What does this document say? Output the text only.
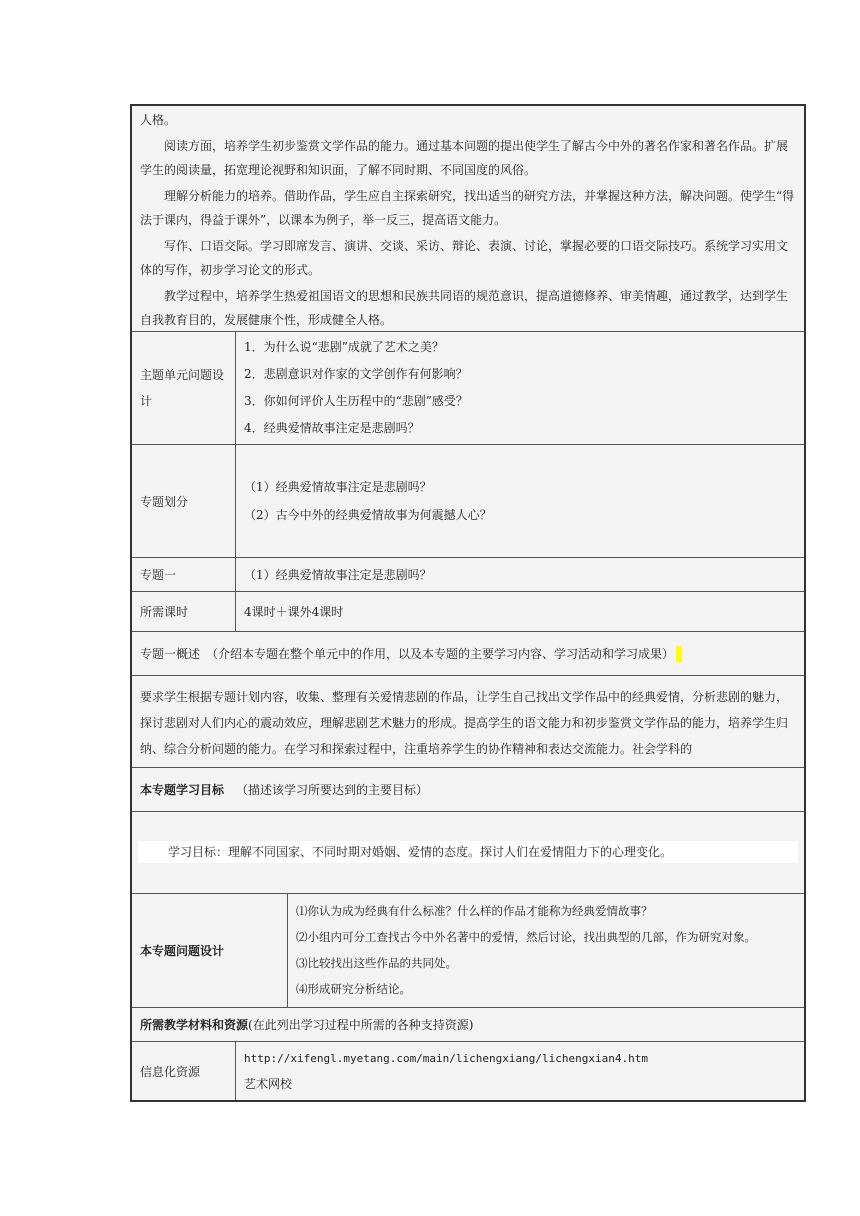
人格。

阅读方面，培养学生初步鉴赏文学作品的能力。通过基本问题的提出使学生了解古今中外的著名作家和著名作品。扩展学生的阅读量，拓宽理论视野和知识面，了解不同时期、不同国度的风俗。

理解分析能力的培养。借助作品，学生应自主探索研究，找出适当的研究方法，并掌握这种方法，解决问题。使学生“得法于课内，得益于课外”，以课本为例子，举一反三，提高语文能力。

写作、口语交际。学习即席发言、演讲、交谈、采访、辩论、表演、讨论，掌握必要的口语交际技巧。系统学习实用文体的写作，初步学习论文的形式。

教学过程中，培养学生热爱祖国语文的思想和民族共同语的规范意识，提高道德修养、审美情趣，通过教学，达到学生自我教育目的，发展健康个性，形成健全人格。

主题单元问题设计
1．为什么说“悲剧”成就了艺术之美？
2．悲剧意识对作家的文学创作有何影响？
3．你如何评价人生历程中的“悲剧”感受？
4．经典爱情故事注定是悲剧吗？
专题划分
（1）经典爱情故事注定是悲剧吗？
（2）古今中外的经典爱情故事为何震撼人心？
专题一	（1）经典爱情故事注定是悲剧吗？
所需课时	4课时＋课外4课时
专题一概述　（介绍本专题在整个单元中的作用，以及本专题的主要学习内容、学习活动和学习成果）

要求学生根据专题计划内容，收集、整理有关爱情悲剧的作品，让学生自己找出文学作品中的经典爱情，分析悲剧的魅力，探讨悲剧对人们内心的震动效应，理解悲剧艺术魅力的形成。提高学生的语文能力和初步鉴赏文学作品的能力，培养学生归纳、综合分析问题的能力。在学习和探索过程中，注重培养学生的协作精神和表达交流能力。社会学科的

本专题学习目标 （描述该学习所要达到的主要目标）
学习目标：理解不同国家、不同时期对婚姻、爱情的态度。探讨人们在爱情阻力下的心理变化。
本专题问题设计
⑴你认为成为经典有什么标准？什么样的作品才能称为经典爱情故事？
⑵小组内可分工查找古今中外名著中的爱情，然后讨论，找出典型的几部，作为研究对象。
⑶比较找出这些作品的共同处。
⑷形成研究分析结论。
所需教学材料和资源 (在此列出学习过程中所需的各种支持资源)
信息化资源
http://xifengl.myetang.com/main/lichengxiang/lichengxian4.htm
艺术网校
